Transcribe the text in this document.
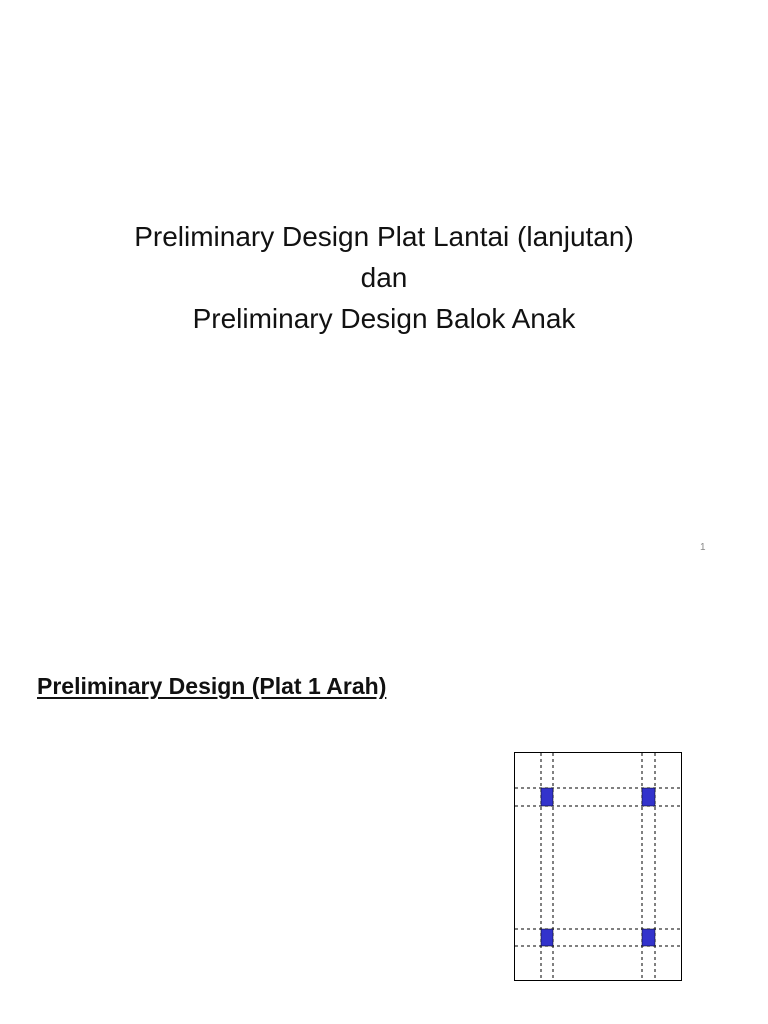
Preliminary Design Plat Lantai (lanjutan)
dan
Preliminary Design Balok Anak
1
Preliminary Design (Plat 1 Arah)
